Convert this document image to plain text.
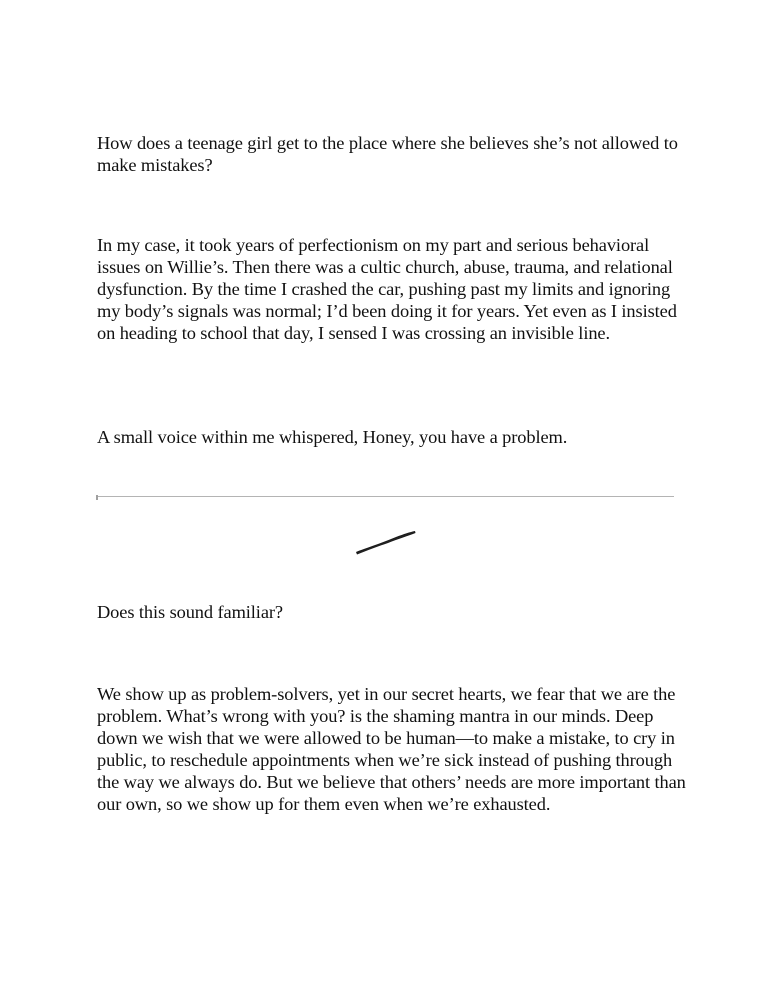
How does a teenage girl get to the place where she believes she’s not allowed to make mistakes?

In my case, it took years of perfectionism on my part and serious behavioral issues on Willie’s. Then there was a cultic church, abuse, trauma, and relational dysfunction. By the time I crashed the car, pushing past my limits and ignoring my body’s signals was normal; I’d been doing it for years. Yet even as I insisted on heading to school that day, I sensed I was crossing an invisible line.

A small voice within me whispered, Honey, you have a problem.

Does this sound familiar?

We show up as problem-solvers, yet in our secret hearts, we fear that we are the problem. What’s wrong with you? is the shaming mantra in our minds. Deep down we wish that we were allowed to be human—to make a mistake, to cry in public, to reschedule appointments when we’re sick instead of pushing through the way we always do. But we believe that others’ needs are more important than our own, so we show up for them even when we’re exhausted.
